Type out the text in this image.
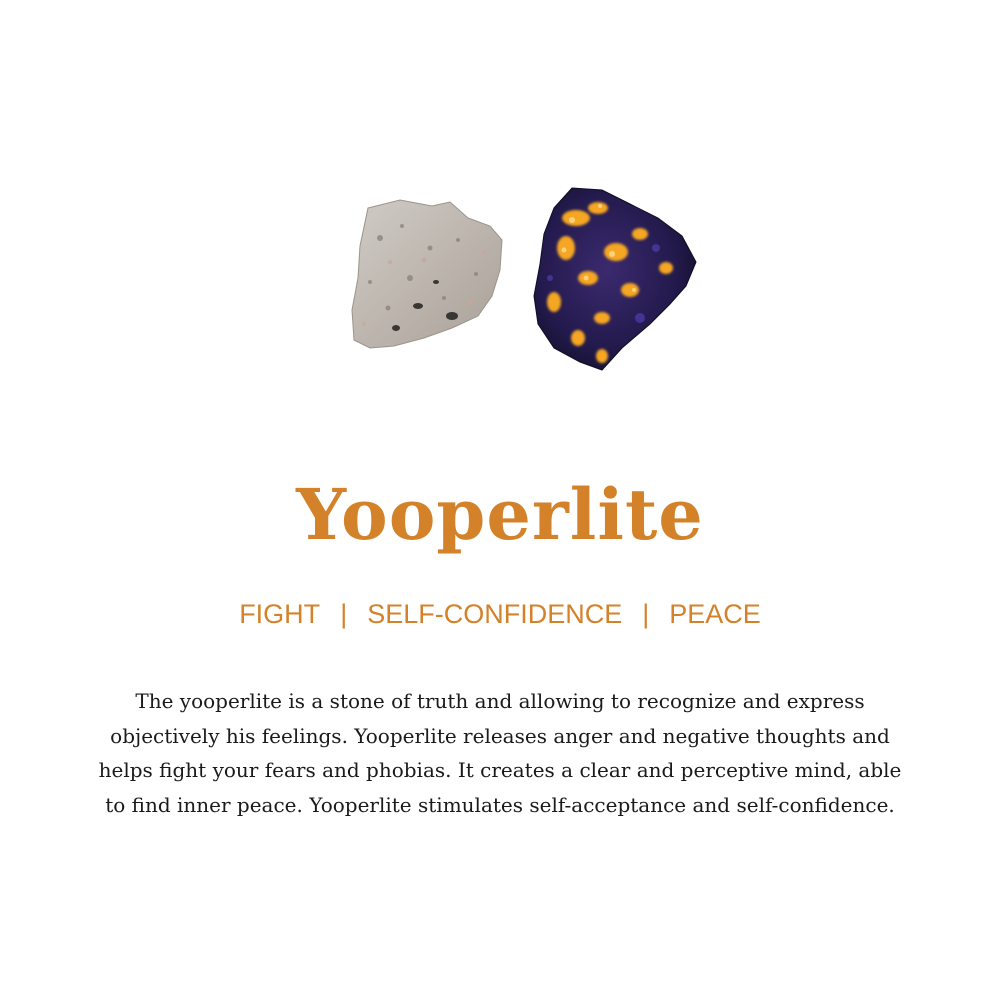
Yooperlite

FIGHT | SELF-CONFIDENCE | PEACE

The yooperlite is a stone of truth and allowing to recognize and express objectively his feelings. Yooperlite releases anger and negative thoughts and helps fight your fears and phobias. It creates a clear and perceptive mind, able to find inner peace. Yooperlite stimulates self-acceptance and self-confidence.
